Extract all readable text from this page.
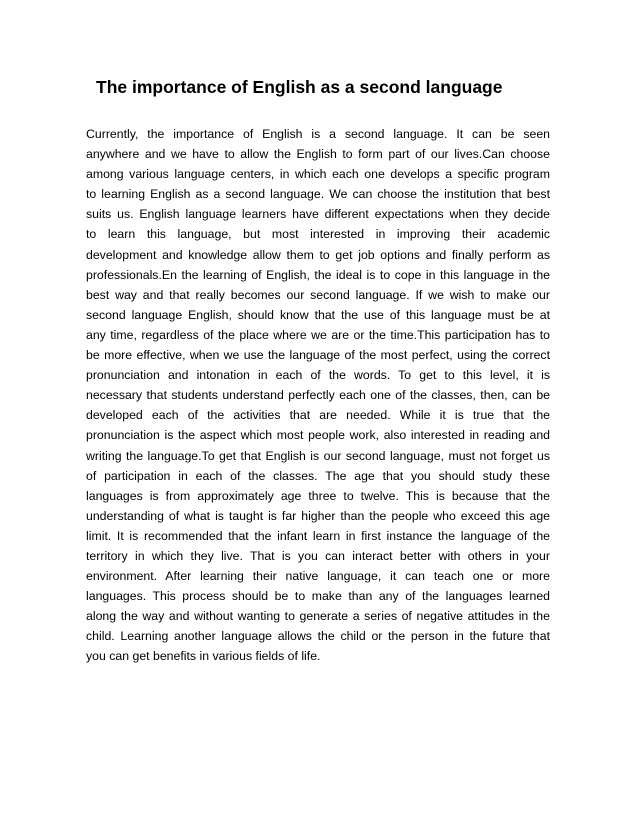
The importance of English as a second language
Currently, the importance of English is a second language. It can be seen
anywhere and we have to allow the English to form part of our lives.Can choose
among various language centers, in which each one develops a specific program
to learning English as a second language. We can choose the institution that best
suits us. English language learners have different expectations when they decide
to learn this language, but most interested in improving their academic
development and knowledge allow them to get job options and finally perform as
professionals.En the learning of English, the ideal is to cope in this language in the
best way and that really becomes our second language. If we wish to make our
second language English, should know that the use of this language must be at
any time, regardless of the place where we are or the time.This participation has to
be more effective, when we use the language of the most perfect, using the correct
pronunciation and intonation in each of the words. To get to this level, it is
necessary that students understand perfectly each one of the classes, then, can be
developed each of the activities that are needed. While it is true that the
pronunciation is the aspect which most people work, also interested in reading and
writing the language.To get that English is our second language, must not forget us
of participation in each of the classes. The age that you should study these
languages is from approximately age three to twelve. This is because that the
understanding of what is taught is far higher than the people who exceed this age
limit. It is recommended that the infant learn in first instance the language of the
territory in which they live. That is you can interact better with others in your
environment. After learning their native language, it can teach one or more
languages. This process should be to make than any of the languages learned
along the way and without wanting to generate a series of negative attitudes in the
child. Learning another language allows the child or the person in the future that
you can get benefits in various fields of life.
